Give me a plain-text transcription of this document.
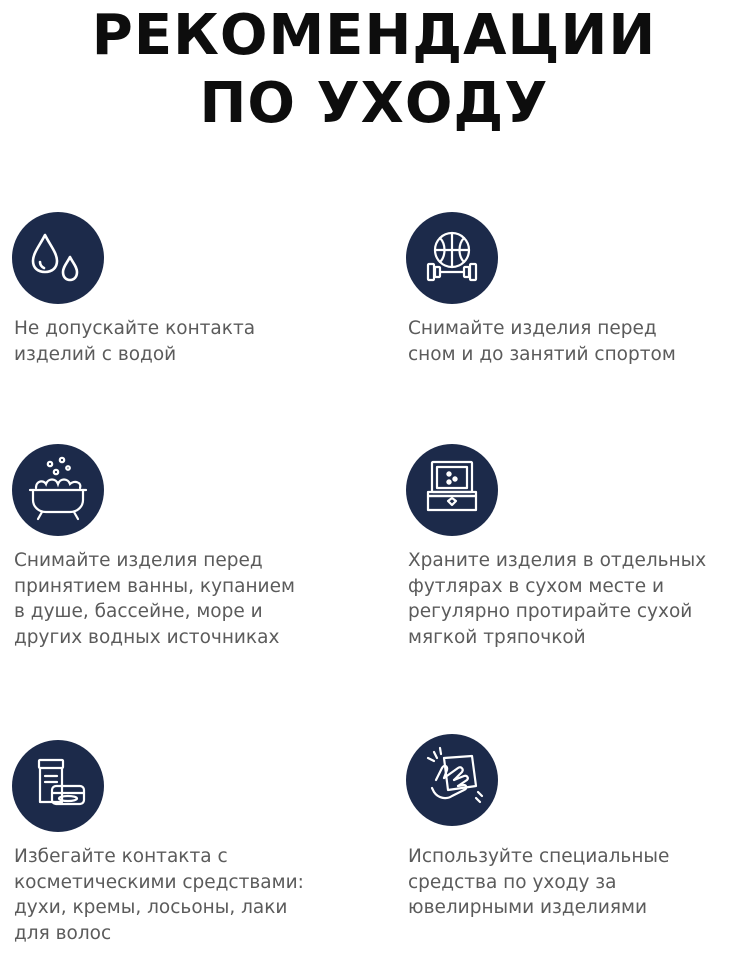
РЕКОМЕНДАЦИИ
ПО УХОДУ

Не допускайте контакта
изделий с водой

Снимайте изделия перед
сном и до занятий спортом

Снимайте изделия перед
принятием ванны, купанием
в душе, бассейне, море и
других водных источниках

Храните изделия в отдельных
футлярах в сухом месте и
регулярно протирайте сухой
мягкой тряпочкой

Избегайте контакта с
косметическими средствами:
духи, кремы, лосьоны, лаки
для волос

Используйте специальные
средства по уходу за
ювелирными изделиями
